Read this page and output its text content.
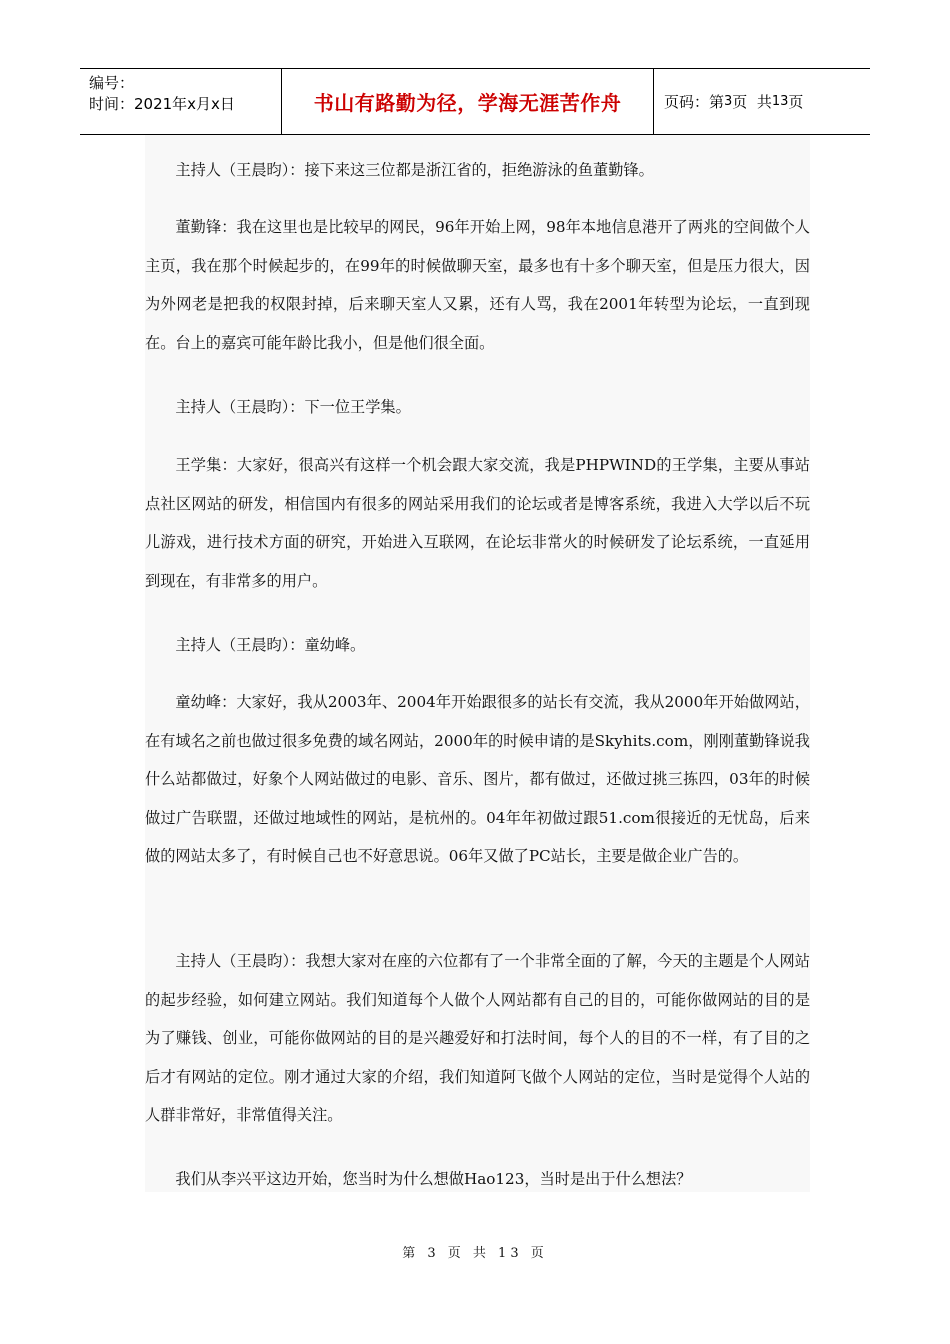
编号：
时间：2021年x月x日	书山有路勤为径，学海无涯苦作舟	页码：第 3 页  共 13 页
主持人（王晨昀）：接下来这三位都是浙江省的，拒绝游泳的鱼董勤锋。
董勤锋：我在这里也是比较早的网民，96年开始上网，98年本地信息港开了两兆的空间做个人主页，我在那个时候起步的，在99年的时候做聊天室，最多也有十多个聊天室，但是压力很大，因为外网老是把我的权限封掉，后来聊天室人又累，还有人骂，我在2001年转型为论坛，一直到现在。台上的嘉宾可能年龄比我小，但是他们很全面。
主持人（王晨昀）：下一位王学集。
王学集：大家好，很高兴有这样一个机会跟大家交流，我是PHPWIND的王学集，主要从事站点社区网站的研发，相信国内有很多的网站采用我们的论坛或者是博客系统，我进入大学以后不玩儿游戏，进行技术方面的研究，开始进入互联网，在论坛非常火的时候研发了论坛系统，一直延用到现在，有非常多的用户。
主持人（王晨昀）：童幼峰。
童幼峰：大家好，我从2003年、2004年开始跟很多的站长有交流，我从2000年开始做网站，在有域名之前也做过很多免费的域名网站，2000年的时候申请的是Skyhits.com，刚刚董勤锋说我什么站都做过，好象个人网站做过的电影、音乐、图片，都有做过，还做过挑三拣四，03年的时候做过广告联盟，还做过地域性的网站，是杭州的。04年年初做过跟51.com很接近的无忧岛，后来做的网站太多了，有时候自己也不好意思说。06年又做了PC站长，主要是做企业广告的。
主持人（王晨昀）：我想大家对在座的六位都有了一个非常全面的了解，今天的主题是个人网站的起步经验，如何建立网站。我们知道每个人做个人网站都有自己的目的，可能你做网站的目的是为了赚钱、创业，可能你做网站的目的是兴趣爱好和打法时间，每个人的目的不一样，有了目的之后才有网站的定位。刚才通过大家的介绍，我们知道阿飞做个人网站的定位，当时是觉得个人站的人群非常好，非常值得关注。
我们从李兴平这边开始，您当时为什么想做Hao123，当时是出于什么想法？
第 3 页 共 13 页
